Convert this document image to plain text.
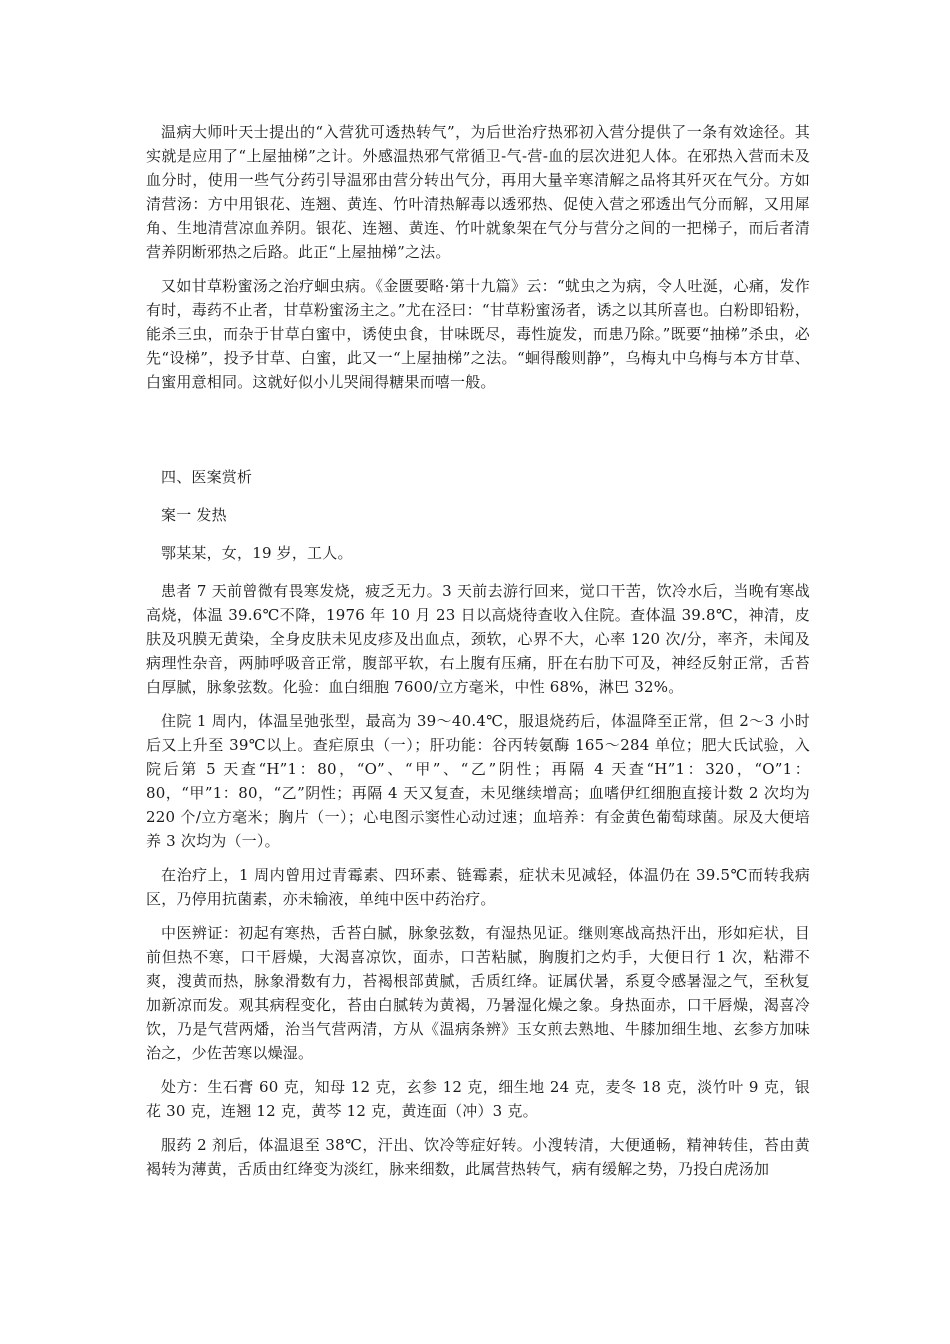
温病大师叶天士提出的“入营犹可透热转气”，为后世治疗热邪初入营分提供了一条有效途径。其实就是应用了“上屋抽梯”之计。外感温热邪气常循卫-气-营-血的层次进犯人体。在邪热入营而未及血分时，使用一些气分药引导温邪由营分转出气分，再用大量辛寒清解之品将其歼灭在气分。方如清营汤：方中用银花、连翘、黄连、竹叶清热解毒以透邪热、促使入营之邪透出气分而解，又用犀角、生地清营凉血养阴。银花、连翘、黄连、竹叶就象架在气分与营分之间的一把梯子，而后者清营养阴断邪热之后路。此正“上屋抽梯”之法。

又如甘草粉蜜汤之治疗蛔虫病。《金匮要略·第十九篇》云：“蚘虫之为病，令人吐涎，心痛，发作有时，毒药不止者，甘草粉蜜汤主之。”尤在泾曰：“甘草粉蜜汤者，诱之以其所喜也。白粉即铅粉，能杀三虫，而杂于甘草白蜜中，诱使虫食，甘味既尽，毒性旋发，而患乃除。”既要“抽梯”杀虫，必先“设梯”，投予甘草、白蜜，此又一“上屋抽梯”之法。“蛔得酸则静”，乌梅丸中乌梅与本方甘草、白蜜用意相同。这就好似小儿哭闹得糖果而嘻一般。

四、医案赏析

案一 发热

鄂某某，女，19 岁，工人。

患者 7 天前曾微有畏寒发烧，疲乏无力。3 天前去游行回来，觉口干苦，饮冷水后，当晚有寒战高烧，体温 39.6℃不降，1976 年 10 月 23 日以高烧待查收入住院。查体温 39.8℃，神清，皮肤及巩膜无黄染，全身皮肤未见皮疹及出血点，颈软，心界不大，心率 120 次/分，率齐，未闻及病理性杂音，两肺呼吸音正常，腹部平软，右上腹有压痛，肝在右肋下可及，神经反射正常，舌苔白厚腻，脉象弦数。化验：血白细胞 7600/立方毫米，中性 68%，淋巴 32%。

住院 1 周内，体温呈弛张型，最高为 39～40.4℃，服退烧药后，体温降至正常，但 2～3 小时后又上升至 39℃以上。查疟原虫（一）；肝功能：谷丙转氨酶 165～284 单位；肥大氏试验，入院后第 5 天查“H”1：80，“O”、“甲”、“乙”阴性；再隔 4 天查“H”1：320，“O”1：80，“甲”1：80，“乙”阴性；再隔 4 天又复查，未见继续增高；血嗜伊红细胞直接计数 2 次均为 220 个/立方毫米；胸片（一）；心电图示窦性心动过速；血培养：有金黄色葡萄球菌。尿及大便培养 3 次均为（一）。

在治疗上，1 周内曾用过青霉素、四环素、链霉素，症状未见减轻，体温仍在 39.5℃而转我病区，乃停用抗菌素，亦未输液，单纯中医中药治疗。

中医辨证：初起有寒热，舌苔白腻，脉象弦数，有湿热见证。继则寒战高热汗出，形如疟状，目前但热不寒，口干唇燥，大渴喜凉饮，面赤，口苦粘腻，胸腹扪之灼手，大便日行 1 次，粘滞不爽，溲黄而热，脉象滑数有力，苔褐根部黄腻，舌质红绛。证属伏暑，系夏令感暑湿之气，至秋复加新凉而发。观其病程变化，苔由白腻转为黄褐，乃暑湿化燥之象。身热面赤，口干唇燥，渴喜冷饮，乃是气营两燔，治当气营两清，方从《温病条辨》玉女煎去熟地、牛膝加细生地、玄参方加味治之，少佐苦寒以燥湿。

处方：生石膏 60 克，知母 12 克，玄参 12 克，细生地 24 克，麦冬 18 克，淡竹叶 9 克，银花 30 克，连翘 12 克，黄芩 12 克，黄连面（冲）3 克。

服药 2 剂后，体温退至 38℃，汗出、饮冷等症好转。小溲转清，大便通畅，精神转佳，苔由黄褐转为薄黄，舌质由红绛变为淡红，脉来细数，此属营热转气，病有缓解之势，乃投白虎汤加
